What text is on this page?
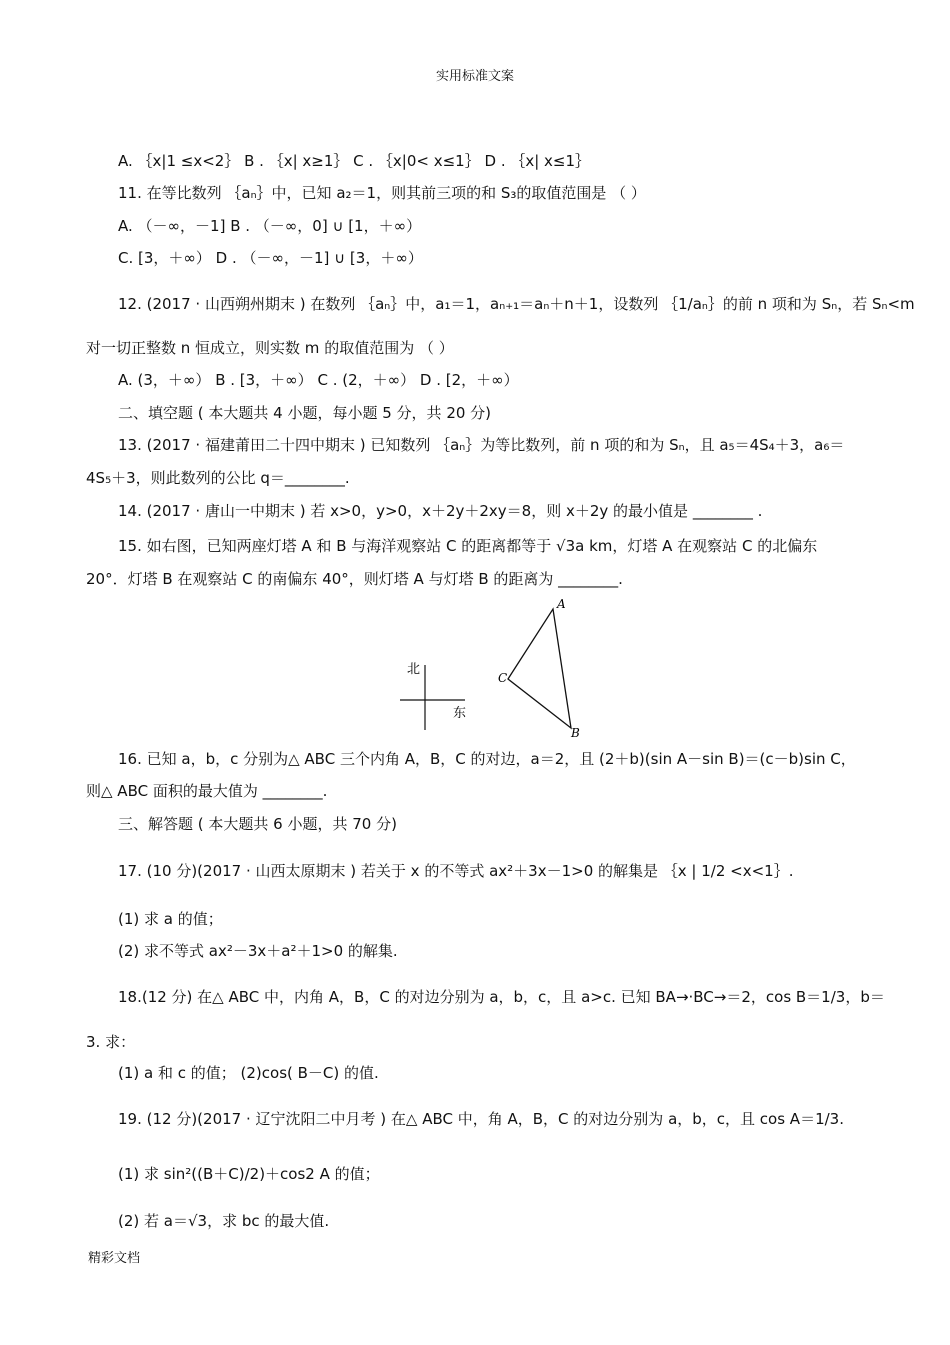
实用标准文案
A. ｛x|1 ≤x<2｝ B . ｛x| x≥1｝ C . ｛x|0< x≤1｝ D . ｛x| x≤1｝
11. 在等比数列 ｛aₙ｝中，已知 a₂＝1，则其前三项的和 S₃的取值范围是 （ ）
A. （－∞，－1] B . （－∞，0] ∪ [1，＋∞）
C. [3，＋∞） D . （－∞，－1] ∪ [3，＋∞）
12. (2017 · 山西朔州期末 ) 在数列 ｛aₙ｝中，a₁＝1，aₙ₊₁＝aₙ＋n＋1，设数列 ｛1/aₙ｝的前 n 项和为 Sₙ，若 Sₙ<m
对一切正整数 n 恒成立，则实数 m 的取值范围为 （ ）
A. (3，＋∞） B . [3，＋∞） C . (2，＋∞） D . [2，＋∞）
二、填空题 ( 本大题共 4 小题，每小题 5 分，共 20 分)
13. (2017 · 福建莆田二十四中期末 ) 已知数列 ｛aₙ｝为等比数列，前 n 项的和为 Sₙ，且 a₅＝4S₄＋3，a₆＝
4S₅＋3，则此数列的公比 q＝________.
14. (2017 · 唐山一中期末 ) 若 x>0，y>0，x＋2y＋2xy＝8，则 x＋2y 的最小值是 ________ .
15. 如右图，已知两座灯塔 A 和 B 与海洋观察站 C 的距离都等于 √3a km，灯塔 A 在观察站 C 的北偏东
20°．灯塔 B 在观察站 C 的南偏东 40°，则灯塔 A 与灯塔 B 的距离为 ________.
16. 已知 a，b，c 分别为△ ABC 三个内角 A，B，C 的对边，a＝2，且 (2＋b)(sin A－sin B)＝(c－b)sin C，
则△ ABC 面积的最大值为 ________.
三、解答题 ( 本大题共 6 小题，共 70 分)
17. (10 分)(2017 · 山西太原期末 ) 若关于 x 的不等式 ax²＋3x－1>0 的解集是 ｛x | 1/2 <x<1｝.
(1) 求 a 的值；
(2) 求不等式 ax²－3x＋a²＋1>0 的解集.
18.(12 分) 在△ ABC 中，内角 A，B，C 的对边分别为 a，b，c，且 a>c. 已知 BA→·BC→＝2，cos B＝1/3，b＝
3. 求：
(1) a 和 c 的值； (2)cos( B－C) 的值.
19. (12 分)(2017 · 辽宁沈阳二中月考 ) 在△ ABC 中，角 A，B，C 的对边分别为 a，b，c，且 cos A＝1/3.
(1) 求 sin²((B＋C)/2)＋cos2 A 的值；
(2) 若 a＝√3，求 bc 的最大值.
北
东
A
C
B
精彩文档
